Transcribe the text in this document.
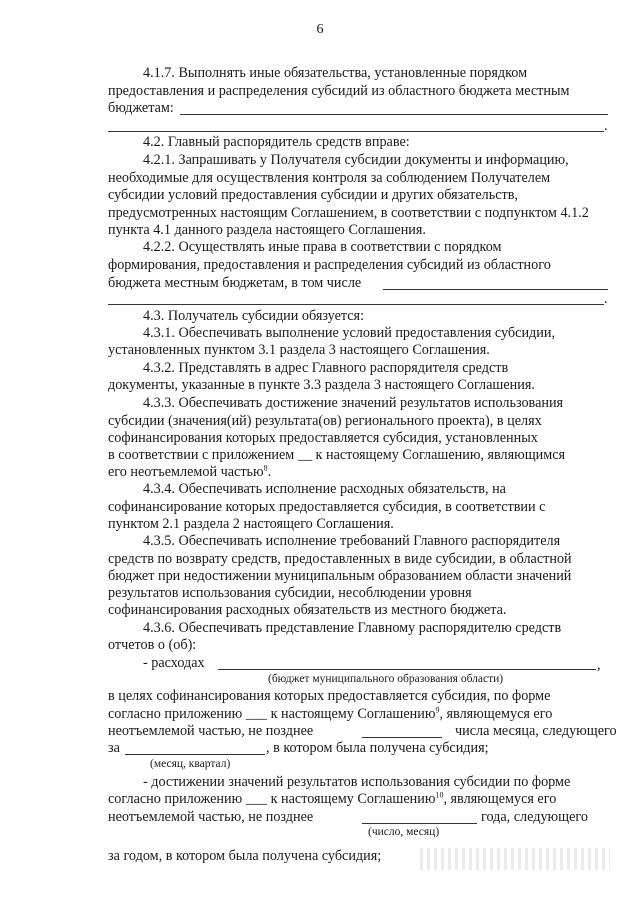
6
4.1.7. Выполнять иные обязательства, установленные порядком
предоставления и распределения субсидий из областного бюджета местным
бюджетам:
.
4.2. Главный распорядитель средств вправе:
4.2.1. Запрашивать у Получателя субсидии документы и информацию,
необходимые для осуществления контроля за соблюдением Получателем
субсидии условий предоставления субсидии и других обязательств,
предусмотренных настоящим Соглашением, в соответствии с подпунктом 4.1.2
пункта 4.1 данного раздела настоящего Соглашения.
4.2.2. Осуществлять иные права в соответствии с порядком
формирования, предоставления и распределения субсидий из областного
бюджета местным бюджетам, в том числе
.
4.3. Получатель субсидии обязуется:
4.3.1. Обеспечивать выполнение условий предоставления субсидии,
установленных пунктом 3.1 раздела 3 настоящего Соглашения.
4.3.2. Представлять в адрес Главного распорядителя средств
документы, указанные в пункте 3.3 раздела 3 настоящего Соглашения.
4.3.3. Обеспечивать достижение значений результатов использования
субсидии (значения(ий) результата(ов) регионального проекта), в целях
софинансирования которых предоставляется субсидия, установленных
в соответствии с приложением __ к настоящему Соглашению, являющимся
его неотъемлемой частью$^8$.
4.3.4. Обеспечивать исполнение расходных обязательств, на
софинансирование которых предоставляется субсидия, в соответствии с
пунктом 2.1 раздела 2 настоящего Соглашения.
4.3.5. Обеспечивать исполнение требований Главного распорядителя
средств по возврату средств, предоставленных в виде субсидии, в областной
бюджет при недостижении муниципальным образованием области значений
результатов использования субсидии, несоблюдении уровня
софинансирования расходных обязательств из местного бюджета.
4.3.6. Обеспечивать представление Главному распорядителю средств
отчетов о (об):
- расходах	,
(бюджет муниципального образования области)
в целях софинансирования которых предоставляется субсидия, по форме
согласно приложению ___ к настоящему Соглашению$^9$, являющемуся его
неотъемлемой частью, не позднее	числа месяца, следующего
за	, в котором была получена субсидия;
(месяц, квартал)
- достижении значений результатов использования субсидии по форме
согласно приложению ___ к настоящему Соглашению$^{10}$, являющемуся его
неотъемлемой частью, не позднее	года, следующего
(число, месяц)
за годом, в котором была получена субсидия;
